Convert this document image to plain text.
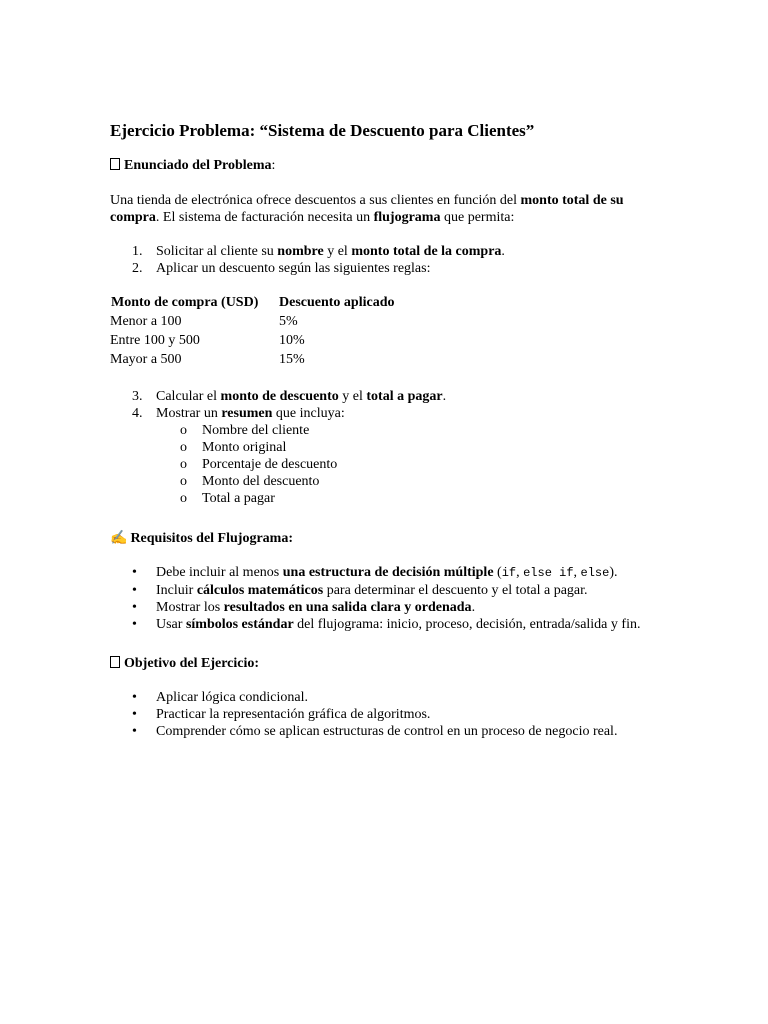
Ejercicio Problema: “Sistema de Descuento para Clientes”

Enunciado del Problema:

Una tienda de electrónica ofrece descuentos a sus clientes en función del monto total de su compra. El sistema de facturación necesita un flujograma que permita:

1. Solicitar al cliente su nombre y el monto total de la compra.
2. Aplicar un descuento según las siguientes reglas:
Monto de compra (USD)	Descuento aplicado
Menor a 100	5%
Entre 100 y 500	10%
Mayor a 500	15%
3. Calcular el monto de descuento y el total a pagar.
4. Mostrar un resumen que incluya:
o Nombre del cliente
o Monto original
o Porcentaje de descuento
o Monto del descuento
o Total a pagar

✍ Requisitos del Flujograma:

• Debe incluir al menos una estructura de decisión múltiple (if, else if, else).
• Incluir cálculos matemáticos para determinar el descuento y el total a pagar.
• Mostrar los resultados en una salida clara y ordenada.
• Usar símbolos estándar del flujograma: inicio, proceso, decisión, entrada/salida y fin.

Objetivo del Ejercicio:

• Aplicar lógica condicional.
• Practicar la representación gráfica de algoritmos.
• Comprender cómo se aplican estructuras de control en un proceso de negocio real.
